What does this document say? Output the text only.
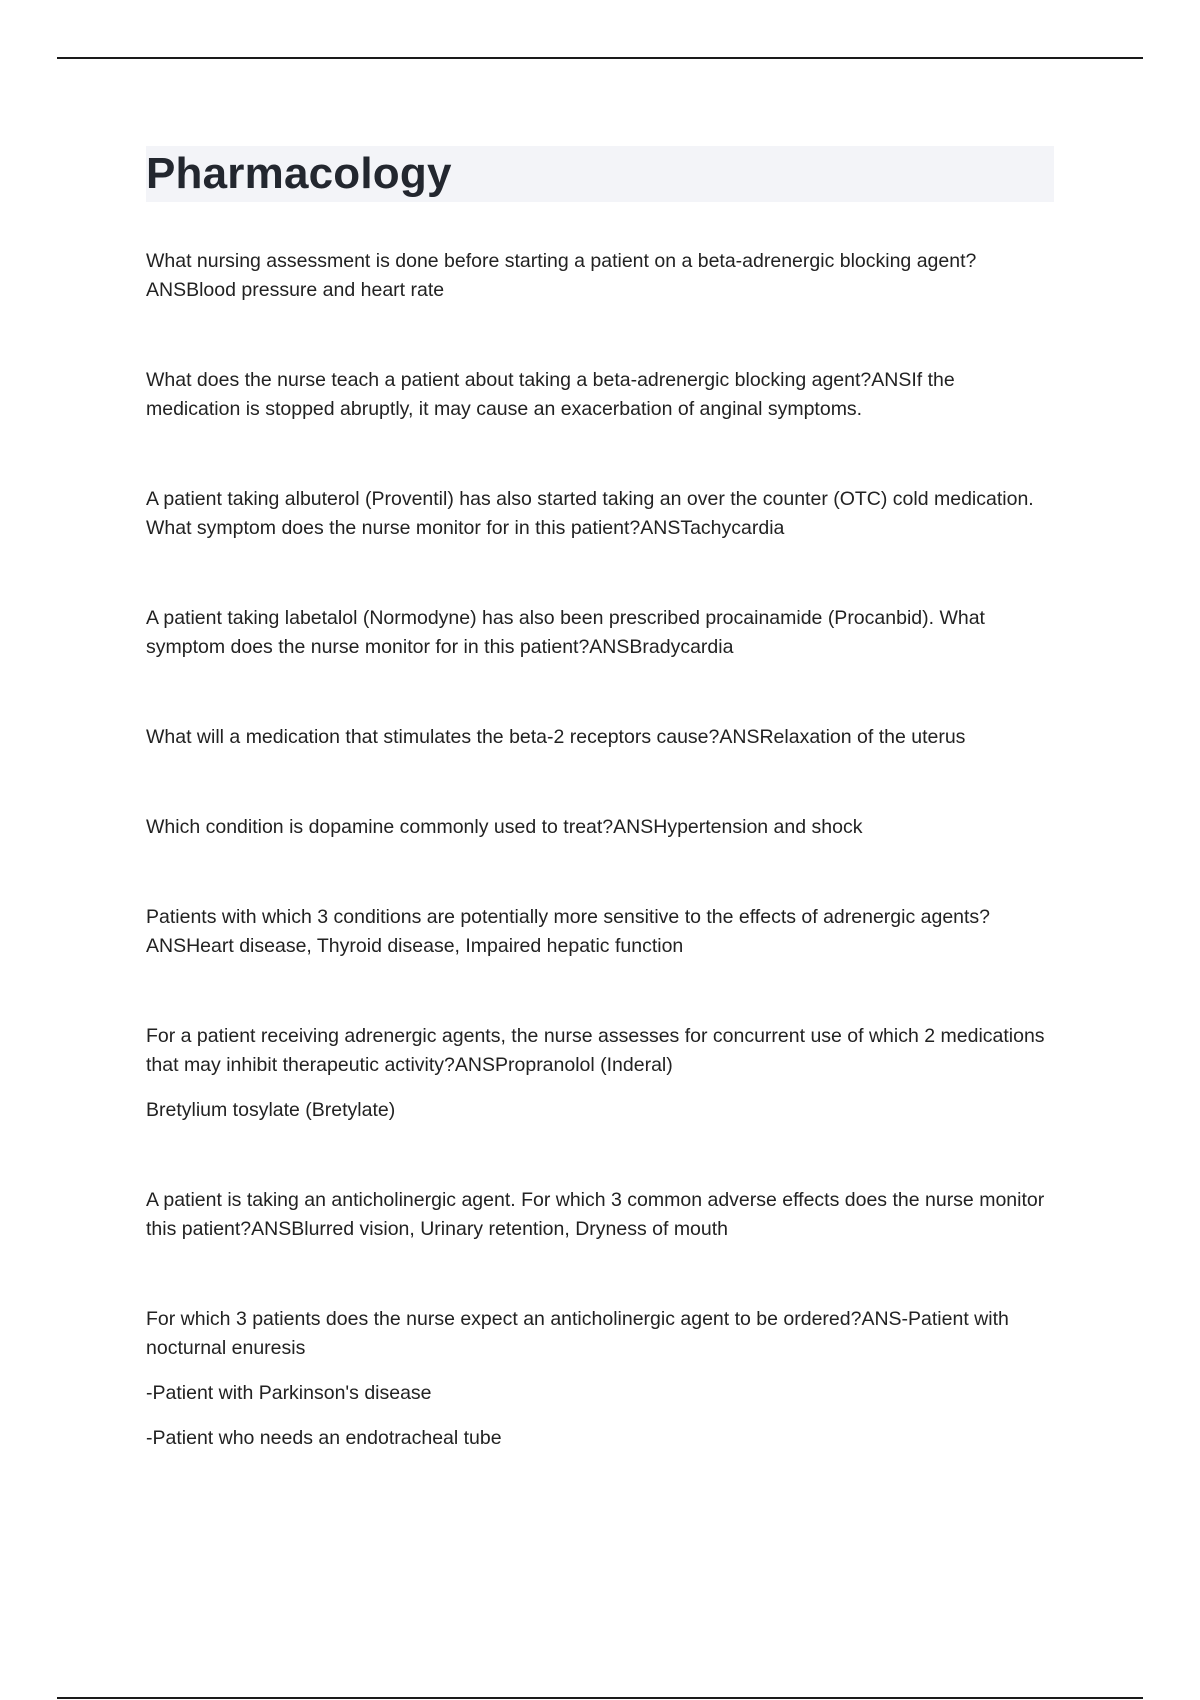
Pharmacology

What nursing assessment is done before starting a patient on a beta-adrenergic blocking agent?ANSBlood pressure and heart rate

What does the nurse teach a patient about taking a beta-adrenergic blocking agent?ANSIf the medication is stopped abruptly, it may cause an exacerbation of anginal symptoms.

A patient taking albuterol (Proventil) has also started taking an over the counter (OTC) cold medication. What symptom does the nurse monitor for in this patient?ANSTachycardia

A patient taking labetalol (Normodyne) has also been prescribed procainamide (Procanbid). What symptom does the nurse monitor for in this patient?ANSBradycardia

What will a medication that stimulates the beta-2 receptors cause?ANSRelaxation of the uterus

Which condition is dopamine commonly used to treat?ANSHypertension and shock

Patients with which 3 conditions are potentially more sensitive to the effects of adrenergic agents?ANSHeart disease, Thyroid disease, Impaired hepatic function

For a patient receiving adrenergic agents, the nurse assesses for concurrent use of which 2 medications that may inhibit therapeutic activity?ANSPropranolol (Inderal)

Bretylium tosylate (Bretylate)

A patient is taking an anticholinergic agent. For which 3 common adverse effects does the nurse monitor this patient?ANSBlurred vision, Urinary retention, Dryness of mouth

For which 3 patients does the nurse expect an anticholinergic agent to be ordered?ANS-Patient with nocturnal enuresis

-Patient with Parkinson's disease

-Patient who needs an endotracheal tube
